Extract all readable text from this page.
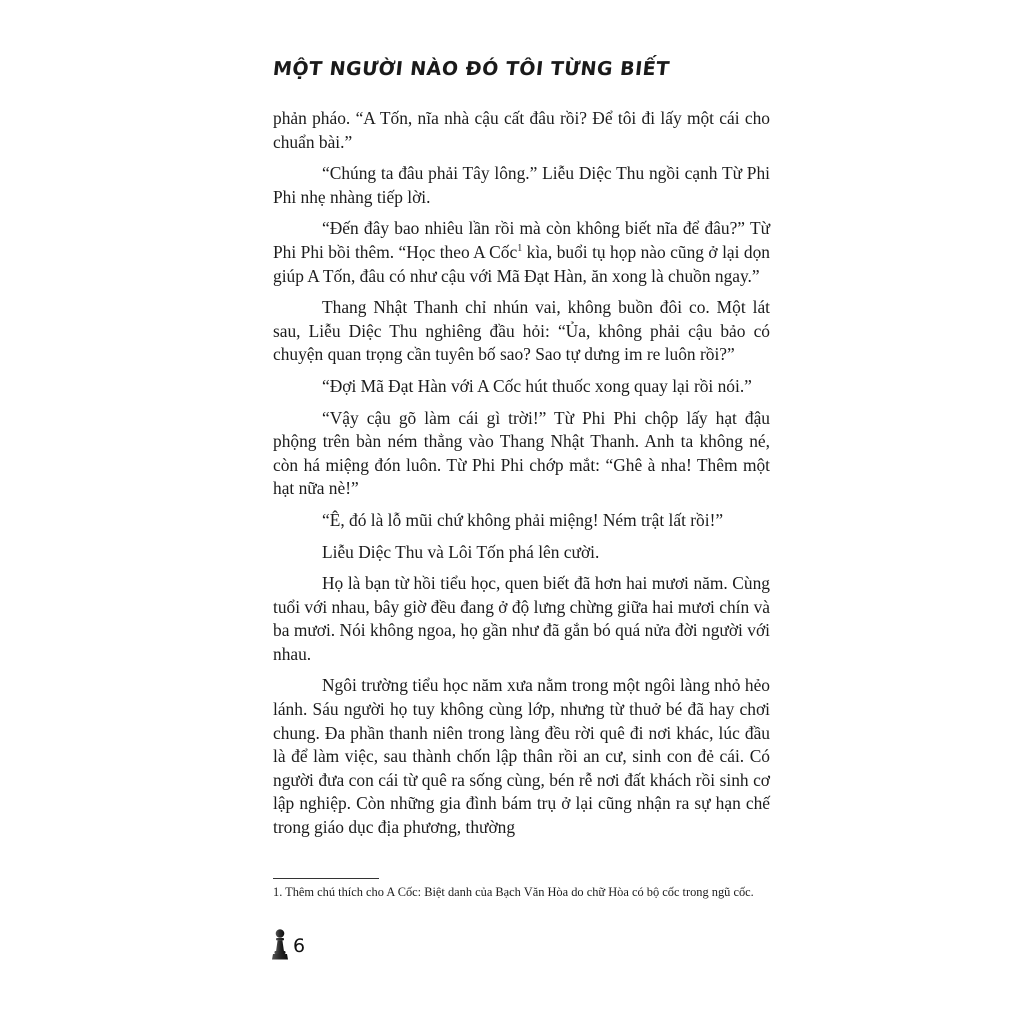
MỘT NGƯỜI NÀO ĐÓ TÔI TỪNG BIẾT

phản pháo. “A Tốn, nĩa nhà cậu cất đâu rồi? Để tôi đi lấy một cái cho chuẩn bài.”

“Chúng ta đâu phải Tây lông.” Liễu Diệc Thu ngồi cạnh Từ Phi Phi nhẹ nhàng tiếp lời.

“Đến đây bao nhiêu lần rồi mà còn không biết nĩa để đâu?” Từ Phi Phi bồi thêm. “Học theo A Cốc$^1$ kìa, buổi tụ họp nào cũng ở lại dọn giúp A Tốn, đâu có như cậu với Mã Đạt Hàn, ăn xong là chuồn ngay.”

Thang Nhật Thanh chỉ nhún vai, không buồn đôi co. Một lát sau, Liễu Diệc Thu nghiêng đầu hỏi: “Ủa, không phải cậu bảo có chuyện quan trọng cần tuyên bố sao? Sao tự dưng im re luôn rồi?”

“Đợi Mã Đạt Hàn với A Cốc hút thuốc xong quay lại rồi nói.”

“Vậy cậu gõ làm cái gì trời!” Từ Phi Phi chộp lấy hạt đậu phộng trên bàn ném thẳng vào Thang Nhật Thanh. Anh ta không né, còn há miệng đón luôn. Từ Phi Phi chớp mắt: “Ghê à nha! Thêm một hạt nữa nè!”

“Ê, đó là lỗ mũi chứ không phải miệng! Ném trật lất rồi!”

Liễu Diệc Thu và Lôi Tốn phá lên cười.

Họ là bạn từ hồi tiểu học, quen biết đã hơn hai mươi năm. Cùng tuổi với nhau, bây giờ đều đang ở độ lưng chừng giữa hai mươi chín và ba mươi. Nói không ngoa, họ gần như đã gắn bó quá nửa đời người với nhau.

Ngôi trường tiểu học năm xưa nằm trong một ngôi làng nhỏ hẻo lánh. Sáu người họ tuy không cùng lớp, nhưng từ thuở bé đã hay chơi chung. Đa phần thanh niên trong làng đều rời quê đi nơi khác, lúc đầu là để làm việc, sau thành chốn lập thân rồi an cư, sinh con đẻ cái. Có người đưa con cái từ quê ra sống cùng, bén rễ nơi đất khách rồi sinh cơ lập nghiệp. Còn những gia đình bám trụ ở lại cũng nhận ra sự hạn chế trong giáo dục địa phương, thường

1. Thêm chú thích cho A Cốc: Biệt danh của Bạch Văn Hòa do chữ Hòa có bộ cốc trong ngũ cốc.
6
